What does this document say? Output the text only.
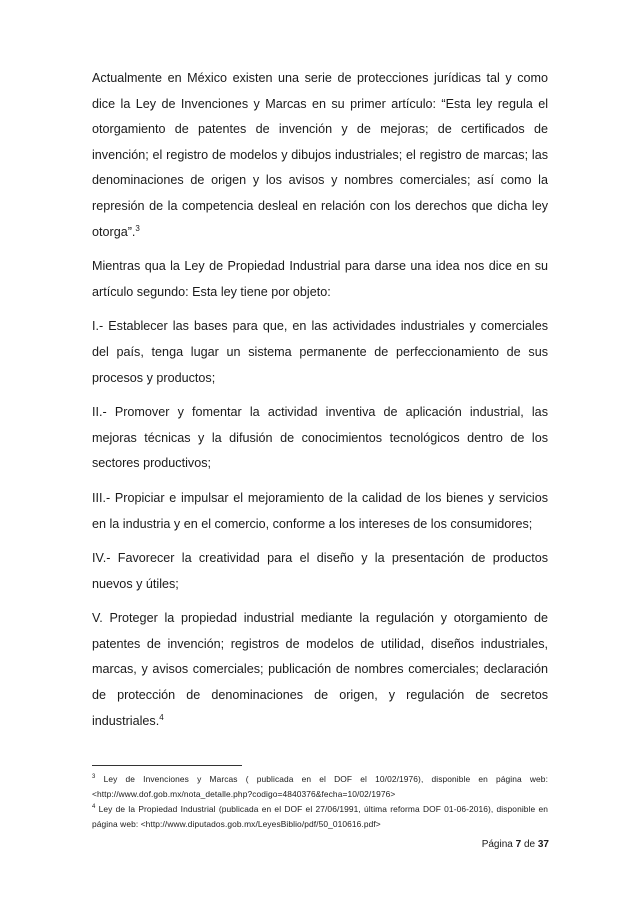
Actualmente en México existen una serie de protecciones jurídicas tal y como dice la Ley de Invenciones y Marcas en su primer artículo: “Esta ley regula el otorgamiento de patentes de invención y de mejoras; de certificados de invención; el registro de modelos y dibujos industriales; el registro de marcas; las denominaciones de origen y los avisos y nombres comerciales; así como la represión de la competencia desleal en relación con los derechos que dicha ley otorga”.$^3$

Mientras qua la Ley de Propiedad Industrial para darse una idea nos dice en su artículo segundo: Esta ley tiene por objeto:

I.- Establecer las bases para que, en las actividades industriales y comerciales del país, tenga lugar un sistema permanente de perfeccionamiento de sus procesos y productos;

II.- Promover y fomentar la actividad inventiva de aplicación industrial, las mejoras técnicas y la difusión de conocimientos tecnológicos dentro de los sectores productivos;

III.- Propiciar e impulsar el mejoramiento de la calidad de los bienes y servicios en la industria y en el comercio, conforme a los intereses de los consumidores;

IV.- Favorecer la creatividad para el diseño y la presentación de productos nuevos y útiles;

V. Proteger la propiedad industrial mediante la regulación y otorgamiento de patentes de invención; registros de modelos de utilidad, diseños industriales, marcas, y avisos comerciales; publicación de nombres comerciales; declaración de protección de denominaciones de origen, y regulación de secretos industriales.$^4$

$^3$ Ley de Invenciones y Marcas ( publicada en el DOF el 10/02/1976), disponible en página web: <http://www.dof.gob.mx/nota_detalle.php?codigo=4840376&fecha=10/02/1976>

$^4$ Ley de la Propiedad Industrial (publicada en el DOF el 27/06/1991, última reforma DOF 01-06-2016), disponible en página web: <http://www.diputados.gob.mx/LeyesBiblio/pdf/50_010616.pdf>

Página 7 de 37
